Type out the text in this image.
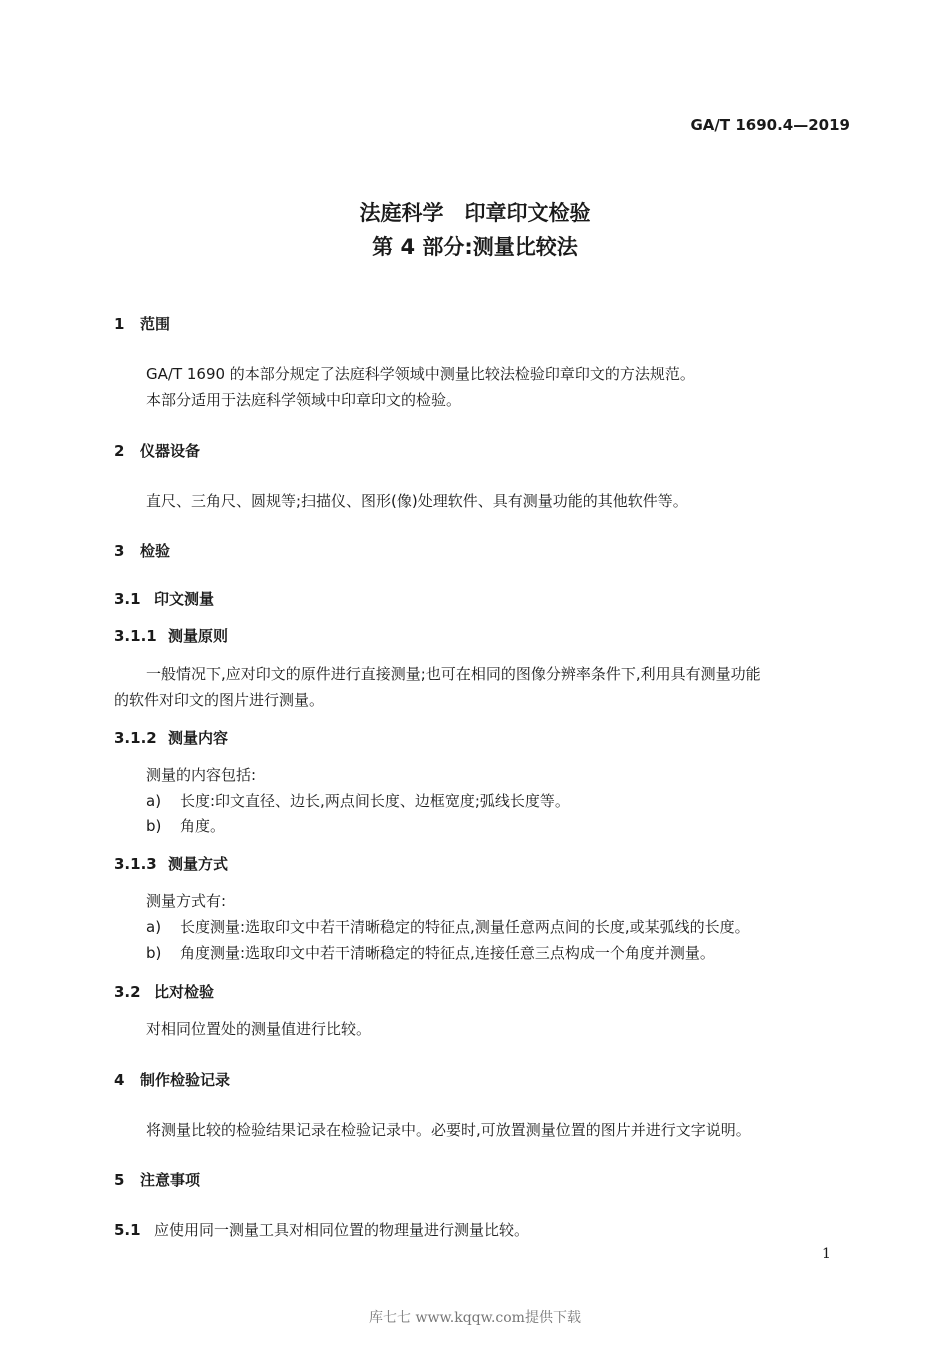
GA/T 1690.4—2019
法庭科学　印章印文检验
第 4 部分:测量比较法
1 范围
GA/T 1690 的本部分规定了法庭科学领域中测量比较法检验印章印文的方法规范。
本部分适用于法庭科学领域中印章印文的检验。
2 仪器设备
直尺、三角尺、圆规等;扫描仪、图形(像)处理软件、具有测量功能的其他软件等。
3 检验
3.1 印文测量
3.1.1 测量原则
一般情况下,应对印文的原件进行直接测量;也可在相同的图像分辨率条件下,利用具有测量功能
的软件对印文的图片进行测量。
3.1.2 测量内容
测量的内容包括:
a) 长度:印文直径、边长,两点间长度、边框宽度;弧线长度等。
b) 角度。
3.1.3 测量方式
测量方式有:
a) 长度测量:选取印文中若干清晰稳定的特征点,测量任意两点间的长度,或某弧线的长度。
b) 角度测量:选取印文中若干清晰稳定的特征点,连接任意三点构成一个角度并测量。
3.2 比对检验
对相同位置处的测量值进行比较。
4 制作检验记录
将测量比较的检验结果记录在检验记录中。必要时,可放置测量位置的图片并进行文字说明。
5 注意事项
5.1 应使用同一测量工具对相同位置的物理量进行测量比较。
1
库七七 www.kqqw.com提供下载
